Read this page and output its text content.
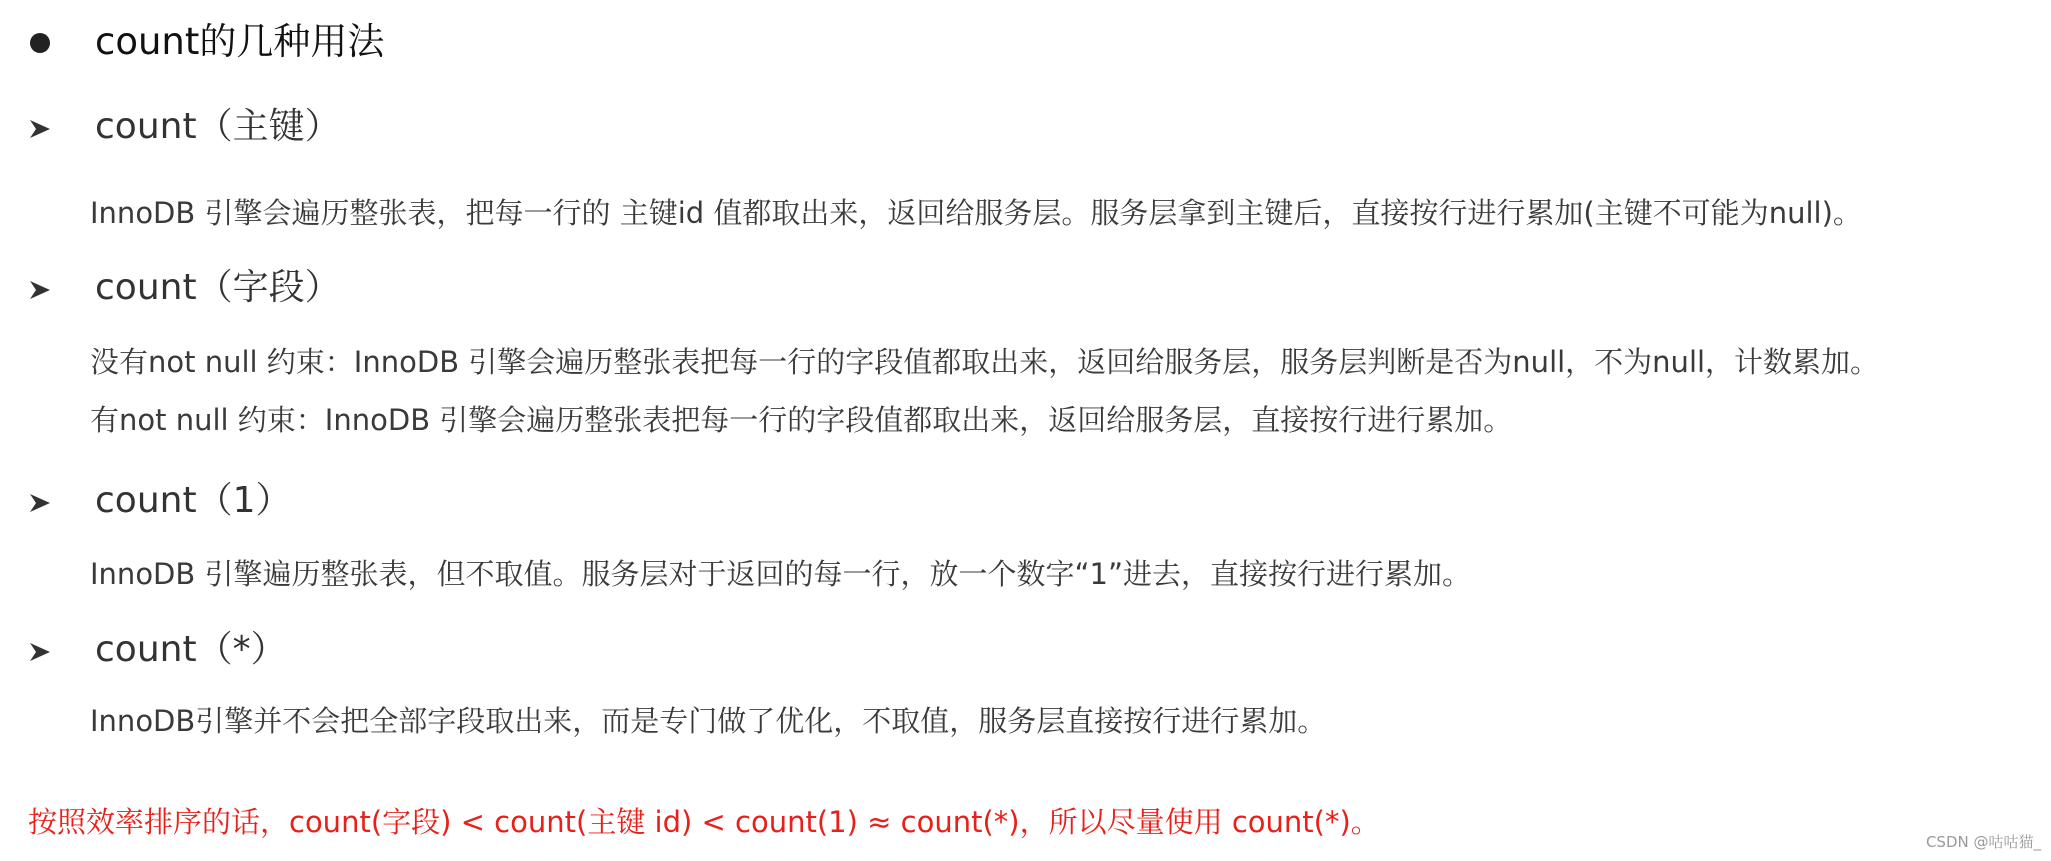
count的几种用法
count（主键）
InnoDB 引擎会遍历整张表，把每一行的 主键id 值都取出来，返回给服务层。服务层拿到主键后，直接按行进行累加(主键不可能为null)。
count（字段）
没有not null 约束：InnoDB 引擎会遍历整张表把每一行的字段值都取出来，返回给服务层，服务层判断是否为null，不为null，计数累加。
有not null 约束：InnoDB 引擎会遍历整张表把每一行的字段值都取出来，返回给服务层，直接按行进行累加。
count（1）
InnoDB 引擎遍历整张表，但不取值。服务层对于返回的每一行，放一个数字“1”进去，直接按行进行累加。
count（*）
InnoDB引擎并不会把全部字段取出来，而是专门做了优化，不取值，服务层直接按行进行累加。
按照效率排序的话，count(字段) < count(主键 id) < count(1) ≈ count(*)，所以尽量使用 count(*)。
CSDN @咕咕猫_
